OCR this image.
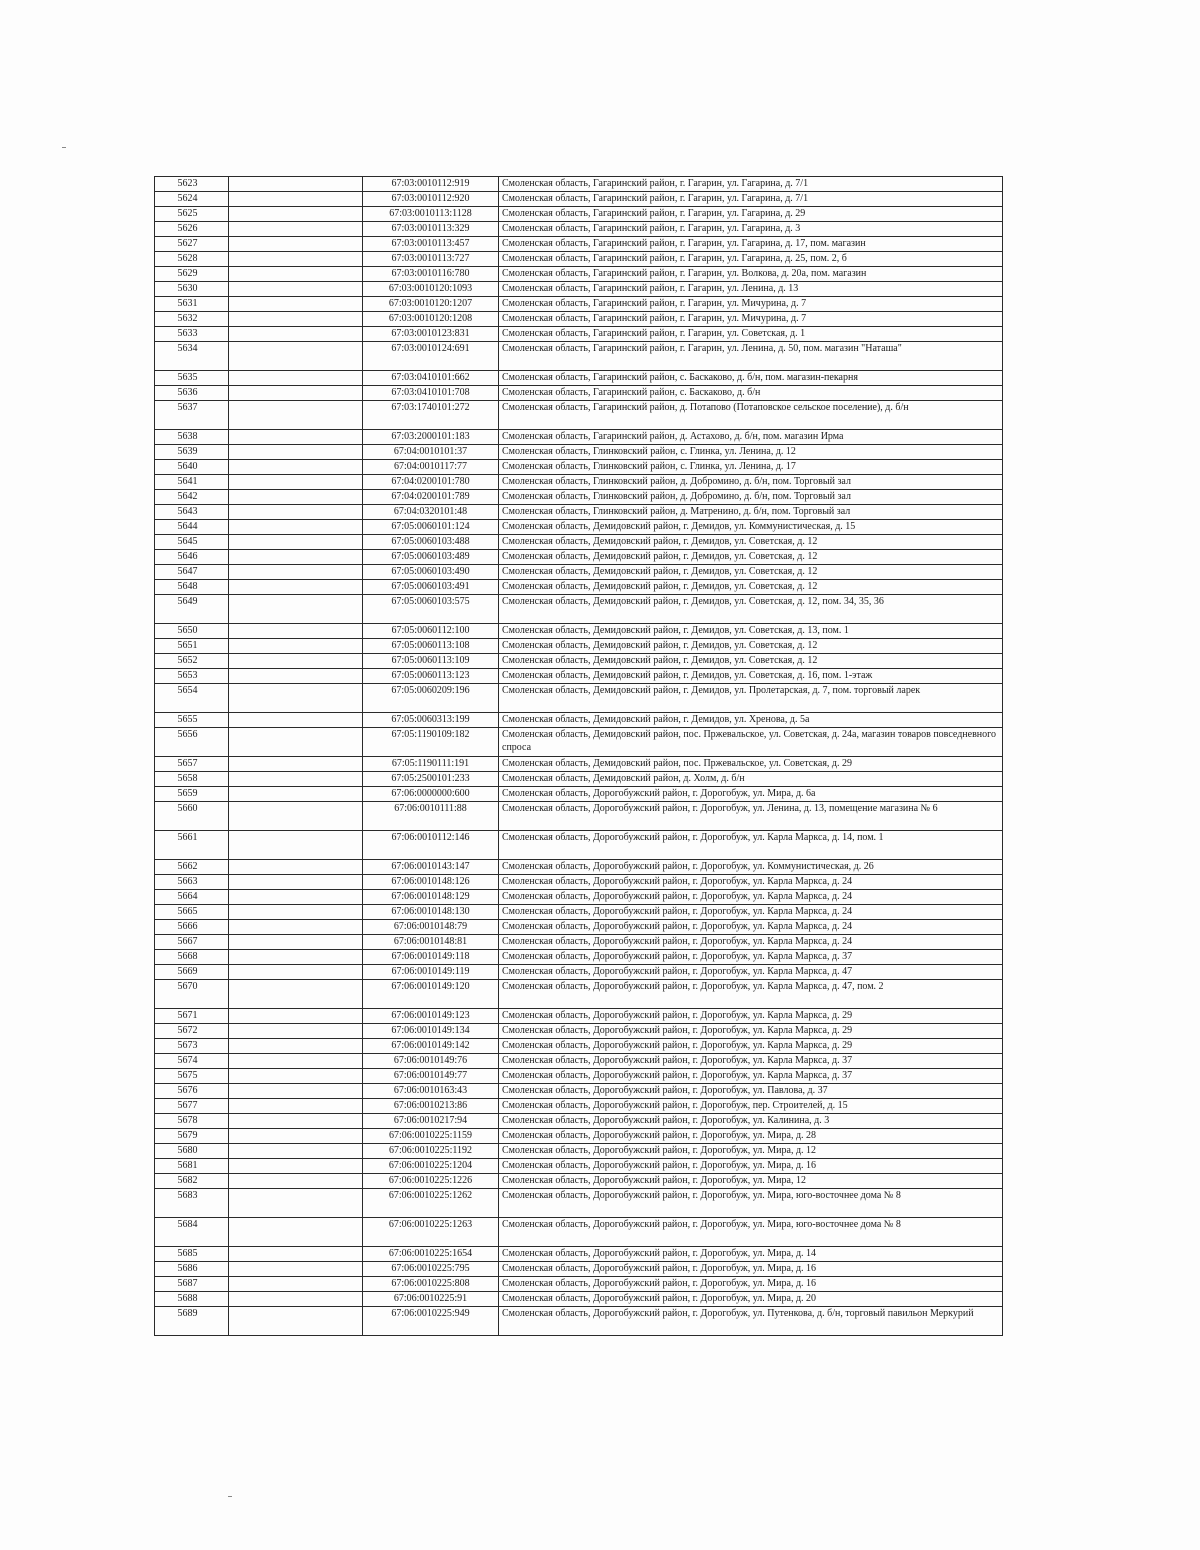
5623		67:03:0010112:919	Смоленская область, Гагаринский район, г. Гагарин, ул. Гагарина, д. 7/1
5624		67:03:0010112:920	Смоленская область, Гагаринский район, г. Гагарин, ул. Гагарина, д. 7/1
5625		67:03:0010113:1128	Смоленская область, Гагаринский район, г. Гагарин, ул. Гагарина, д. 29
5626		67:03:0010113:329	Смоленская область, Гагаринский район, г. Гагарин, ул. Гагарина, д. 3
5627		67:03:0010113:457	Смоленская область, Гагаринский район, г. Гагарин, ул. Гагарина, д. 17, пом. магазин
5628		67:03:0010113:727	Смоленская область, Гагаринский район, г. Гагарин, ул. Гагарина, д. 25, пом. 2, б
5629		67:03:0010116:780	Смоленская область, Гагаринский район, г. Гагарин, ул. Волкова, д. 20а, пом. магазин
5630		67:03:0010120:1093	Смоленская область, Гагаринский район, г. Гагарин, ул. Ленина, д. 13
5631		67:03:0010120:1207	Смоленская область, Гагаринский район, г. Гагарин, ул. Мичурина, д. 7
5632		67:03:0010120:1208	Смоленская область, Гагаринский район, г. Гагарин, ул. Мичурина, д. 7
5633		67:03:0010123:831	Смоленская область, Гагаринский район, г. Гагарин, ул. Советская, д. 1
5634		67:03:0010124:691	Смоленская область, Гагаринский район, г. Гагарин, ул. Ленина, д. 50, пом. магазин "Наташа"
5635		67:03:0410101:662	Смоленская область, Гагаринский район, с. Баскаково, д. б/н, пом. магазин-пекарня
5636		67:03:0410101:708	Смоленская область, Гагаринский район, с. Баскаково, д. б/н
5637		67:03:1740101:272	Смоленская область, Гагаринский район, д. Потапово (Потаповское сельское поселение), д. б/н
5638		67:03:2000101:183	Смоленская область, Гагаринский район, д. Астахово, д. б/н, пом. магазин Ирма
5639		67:04:0010101:37	Смоленская область, Глинковский район, с. Глинка, ул. Ленина, д. 12
5640		67:04:0010117:77	Смоленская область, Глинковский район, с. Глинка, ул. Ленина, д. 17
5641		67:04:0200101:780	Смоленская область, Глинковский район, д. Добромино, д. б/н, пом. Торговый зал
5642		67:04:0200101:789	Смоленская область, Глинковский район, д. Добромино, д. б/н, пом. Торговый зал
5643		67:04:0320101:48	Смоленская область, Глинковский район, д. Матренино, д. б/н, пом. Торговый зал
5644		67:05:0060101:124	Смоленская область, Демидовский район, г. Демидов, ул. Коммунистическая, д. 15
5645		67:05:0060103:488	Смоленская область, Демидовский район, г. Демидов, ул. Советская, д. 12
5646		67:05:0060103:489	Смоленская область, Демидовский район, г. Демидов, ул. Советская, д. 12
5647		67:05:0060103:490	Смоленская область, Демидовский район, г. Демидов, ул. Советская, д. 12
5648		67:05:0060103:491	Смоленская область, Демидовский район, г. Демидов, ул. Советская, д. 12
5649		67:05:0060103:575	Смоленская область, Демидовский район, г. Демидов, ул. Советская, д. 12, пом. 34, 35, 36
5650		67:05:0060112:100	Смоленская область, Демидовский район, г. Демидов, ул. Советская, д. 13, пом. 1
5651		67:05:0060113:108	Смоленская область, Демидовский район, г. Демидов, ул. Советская, д. 12
5652		67:05:0060113:109	Смоленская область, Демидовский район, г. Демидов, ул. Советская, д. 12
5653		67:05:0060113:123	Смоленская область, Демидовский район, г. Демидов, ул. Советская, д. 16, пом. 1-этаж
5654		67:05:0060209:196	Смоленская область, Демидовский район, г. Демидов, ул. Пролетарская, д. 7, пом. торговый ларек
5655		67:05:0060313:199	Смоленская область, Демидовский район, г. Демидов, ул. Хренова, д. 5а
5656		67:05:1190109:182	Смоленская область, Демидовский район, пос. Пржевальское, ул. Советская, д. 24а, магазин товаров повседневного спроса
5657		67:05:1190111:191	Смоленская область, Демидовский район, пос. Пржевальское, ул. Советская, д. 29
5658		67:05:2500101:233	Смоленская область, Демидовский район, д. Холм, д. б/н
5659		67:06:0000000:600	Смоленская область, Дорогобужский район, г. Дорогобуж, ул. Мира, д. 6а
5660		67:06:0010111:88	Смоленская область, Дорогобужский район, г. Дорогобуж, ул. Ленина, д. 13, помещение магазина № 6
5661		67:06:0010112:146	Смоленская область, Дорогобужский район, г. Дорогобуж, ул. Карла Маркса, д. 14, пом. 1
5662		67:06:0010143:147	Смоленская область, Дорогобужский район, г. Дорогобуж, ул. Коммунистическая, д. 26
5663		67:06:0010148:126	Смоленская область, Дорогобужский район, г. Дорогобуж, ул. Карла Маркса, д. 24
5664		67:06:0010148:129	Смоленская область, Дорогобужский район, г. Дорогобуж, ул. Карла Маркса, д. 24
5665		67:06:0010148:130	Смоленская область, Дорогобужский район, г. Дорогобуж, ул. Карла Маркса, д. 24
5666		67:06:0010148:79	Смоленская область, Дорогобужский район, г. Дорогобуж, ул. Карла Маркса, д. 24
5667		67:06:0010148:81	Смоленская область, Дорогобужский район, г. Дорогобуж, ул. Карла Маркса, д. 24
5668		67:06:0010149:118	Смоленская область, Дорогобужский район, г. Дорогобуж, ул. Карла Маркса, д. 37
5669		67:06:0010149:119	Смоленская область, Дорогобужский район, г. Дорогобуж, ул. Карла Маркса, д. 47
5670		67:06:0010149:120	Смоленская область, Дорогобужский район, г. Дорогобуж, ул. Карла Маркса, д. 47, пом. 2
5671		67:06:0010149:123	Смоленская область, Дорогобужский район, г. Дорогобуж, ул. Карла Маркса, д. 29
5672		67:06:0010149:134	Смоленская область, Дорогобужский район, г. Дорогобуж, ул. Карла Маркса, д. 29
5673		67:06:0010149:142	Смоленская область, Дорогобужский район, г. Дорогобуж, ул. Карла Маркса, д. 29
5674		67:06:0010149:76	Смоленская область, Дорогобужский район, г. Дорогобуж, ул. Карла Маркса, д. 37
5675		67:06:0010149:77	Смоленская область, Дорогобужский район, г. Дорогобуж, ул. Карла Маркса, д. 37
5676		67:06:0010163:43	Смоленская область, Дорогобужский район, г. Дорогобуж, ул. Павлова, д. 37
5677		67:06:0010213:86	Смоленская область, Дорогобужский район, г. Дорогобуж, пер. Строителей, д. 15
5678		67:06:0010217:94	Смоленская область, Дорогобужский район, г. Дорогобуж, ул. Калинина, д. 3
5679		67:06:0010225:1159	Смоленская область, Дорогобужский район, г. Дорогобуж, ул. Мира, д. 28
5680		67:06:0010225:1192	Смоленская область, Дорогобужский район, г. Дорогобуж, ул. Мира, д. 12
5681		67:06:0010225:1204	Смоленская область, Дорогобужский район, г. Дорогобуж, ул. Мира, д. 16
5682		67:06:0010225:1226	Смоленская область, Дорогобужский район, г. Дорогобуж, ул. Мира, 12
5683		67:06:0010225:1262	Смоленская область, Дорогобужский район, г. Дорогобуж, ул. Мира, юго-восточнее дома № 8
5684		67:06:0010225:1263	Смоленская область, Дорогобужский район, г. Дорогобуж, ул. Мира, юго-восточнее дома № 8
5685		67:06:0010225:1654	Смоленская область, Дорогобужский район, г. Дорогобуж, ул. Мира, д. 14
5686		67:06:0010225:795	Смоленская область, Дорогобужский район, г. Дорогобуж, ул. Мира, д. 16
5687		67:06:0010225:808	Смоленская область, Дорогобужский район, г. Дорогобуж, ул. Мира, д. 16
5688		67:06:0010225:91	Смоленская область, Дорогобужский район, г. Дорогобуж, ул. Мира, д. 20
5689		67:06:0010225:949	Смоленская область, Дорогобужский район, г. Дорогобуж, ул. Путенкова, д. б/н, торговый павильон Меркурий
